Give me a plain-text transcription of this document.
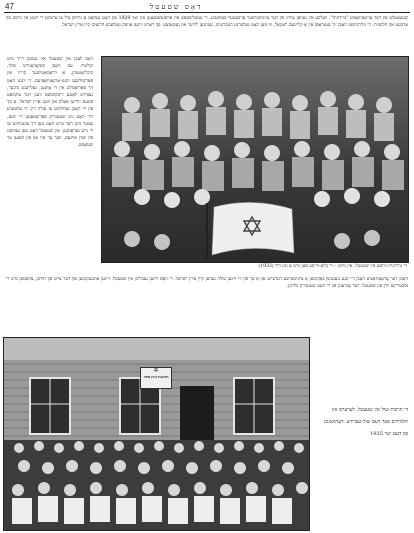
47	דאָס שטעטל
שטעטעלע פון דער אָרגאַניזאַציע "גורדוניה". וועלכע איז געווען צווייג פון דער ציוניסטישער אַרבעטער-באַוועגונג. די געזעלשאַפט איז אויפגעשטאַנען אין יאָר 1929 און האָט געהאַט אַ גרויסן ציל צו ערציען די יוגנט אין גייסט פון אַרבעט און חלוציות. די גורדוניסטן האָבן זיך געטראָפן אין אַ קליינעם לאָקאַל, וווּ מען האָט געלערנט העברעיש, געזונגען לידער און געטאַנצט. פון דאָרט זיינען אַוועק עטלעכע חלוצים קיין ארץ ישראל.
דאָס לעבן אין שטעטל איז געווען רייך מיט קולטור. עס האָבן פונקציאָנירט שולן, ביבליאָטעקן, אַ דראַמאַטישער קרייז און פאַרשידענע יוגנט-אָרגאַניזאַציעס. די יוגנט האָט זיך פאַרזאַמלט אין די אָוונטן, געלייענט ביכער, געפירט לאַנגע דיסקוסיעס וועגן דער צוקונפט פונעם ייִדישן פאָלק און וועגן ארץ ישראל. אַ סך פון זיי האָבן געחלומט צו עולה זיין. די עלטערע דור האָט ניט שטענדיק פאַרשטאַנען די יונגע, אָבער מיט דער צייט האָט מען זיך צוגעוווינט צו די נייע געדאַנקען. אין שטעטל האָט מען געוווּסט פון יעדן איינעם, ווער ער איז און פון וואַנען ער שטאַמט.
די גורדוניה-גרופע אין שטעטל. אין מיטן – די בלאָ-ווייסע פאָן מיט אַ מגן דוד (1933)
דאַנק דער אָרגאַניזאַציע האָבן די יונגע מענטשן באַקומען אַ ציוניסטישע דערציונג און אַ סך פון זיי זיינען עולה געווען קיין ארץ ישראל. די וואָס זיינען געבליבן אין שטעטל, זיינען אומגעקומען אין דער צייט פון חורבן, צוזאַמען מיט די איבעריקע ייִדן פון שטעטל. דער אָנדענק פון זיי וועט שטענדיק בלייבן.
✡
תרבות בית ספר
די תרבות-שול אין שטעטל. לערערס און תלמידים פאַר דעם שול-געביידע. דערמאָנונג פון דעם יאָר 1935
